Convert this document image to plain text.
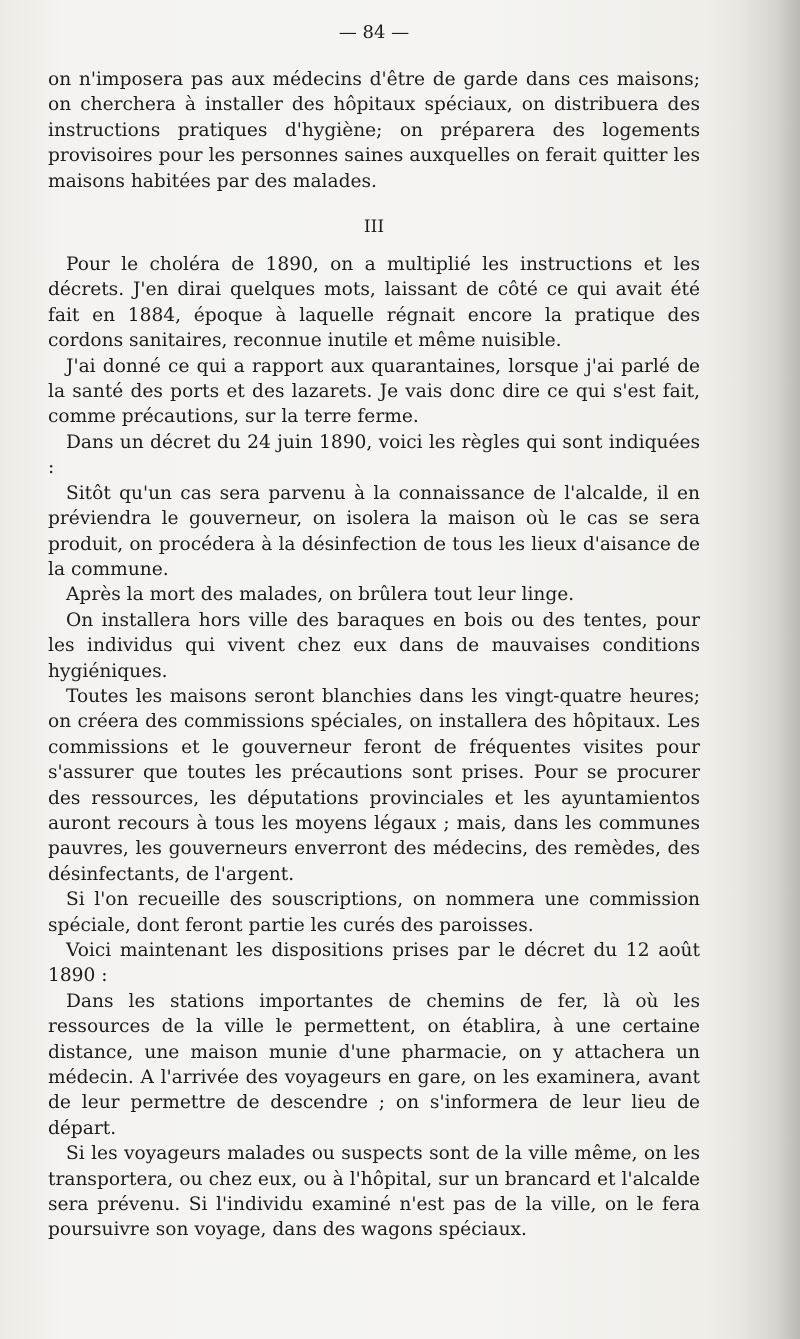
— 84 —

on n'imposera pas aux médecins d'être de garde dans ces maisons; on cherchera à installer des hôpitaux spéciaux, on distribuera des instructions pratiques d'hygiène; on préparera des logements provisoires pour les personnes saines auxquelles on ferait quitter les maisons habitées par des malades.

III

Pour le choléra de 1890, on a multiplié les instructions et les décrets. J'en dirai quelques mots, laissant de côté ce qui avait été fait en 1884, époque à laquelle régnait encore la pratique des cordons sanitaires, reconnue inutile et même nuisible.

J'ai donné ce qui a rapport aux quarantaines, lorsque j'ai parlé de la santé des ports et des lazarets. Je vais donc dire ce qui s'est fait, comme précautions, sur la terre ferme.

Dans un décret du 24 juin 1890, voici les règles qui sont indiquées :

Sitôt qu'un cas sera parvenu à la connaissance de l'alcalde, il en préviendra le gouverneur, on isolera la maison où le cas se sera produit, on procédera à la désinfection de tous les lieux d'aisance de la commune.

Après la mort des malades, on brûlera tout leur linge.

On installera hors ville des baraques en bois ou des tentes, pour les individus qui vivent chez eux dans de mauvaises conditions hygiéniques.

Toutes les maisons seront blanchies dans les vingt-quatre heures; on créera des commissions spéciales, on installera des hôpitaux. Les commissions et le gouverneur feront de fréquentes visites pour s'assurer que toutes les précautions sont prises. Pour se procurer des ressources, les députations provinciales et les ayuntamientos auront recours à tous les moyens légaux ; mais, dans les communes pauvres, les gouverneurs enverront des médecins, des remèdes, des désinfectants, de l'argent.

Si l'on recueille des souscriptions, on nommera une commission spéciale, dont feront partie les curés des paroisses.

Voici maintenant les dispositions prises par le décret du 12 août 1890 :

Dans les stations importantes de chemins de fer, là où les ressources de la ville le permettent, on établira, à une certaine distance, une maison munie d'une pharmacie, on y attachera un médecin. A l'arrivée des voyageurs en gare, on les examinera, avant de leur permettre de descendre ; on s'informera de leur lieu de départ.

Si les voyageurs malades ou suspects sont de la ville même, on les transportera, ou chez eux, ou à l'hôpital, sur un brancard et l'alcalde sera prévenu. Si l'individu examiné n'est pas de la ville, on le fera poursuivre son voyage, dans des wagons spéciaux.
